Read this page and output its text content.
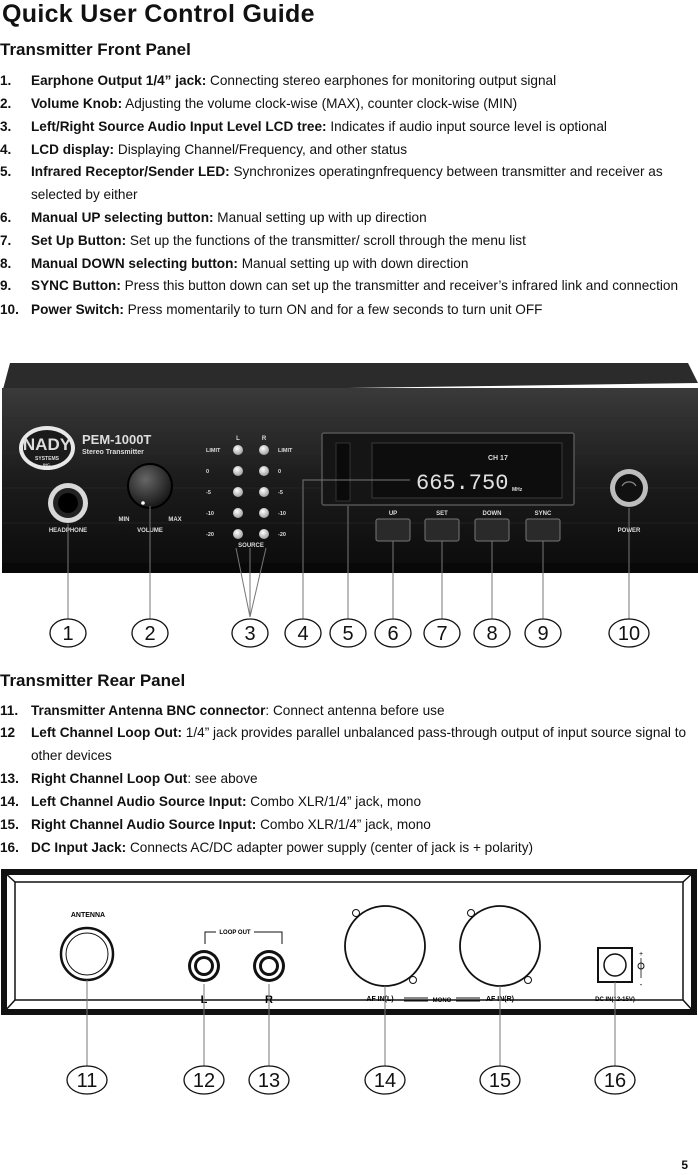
Quick User Control Guide
Transmitter Front Panel
1. Earphone Output 1/4” jack: Connecting stereo earphones for monitoring output signal
2. Volume Knob: Adjusting the volume clock-wise (MAX), counter clock-wise (MIN)
3. Left/Right Source Audio Input Level LCD tree: Indicates if audio input source level is optional
4. LCD display: Displaying Channel/Frequency, and other status
5. Infrared Receptor/Sender LED: Synchronizes operatingnfrequency between transmitter and receiver as selected by either
6. Manual UP selecting button: Manual setting up with up direction
7. Set Up Button: Set up the functions of the transmitter/ scroll through the menu list
8. Manual DOWN selecting button: Manual setting up with down direction
9. SYNC Button: Press this button down can set up the transmitter and receiver’s infrared link and connection
10. Power Switch: Press momentarily to turn ON and for a few seconds to turn unit OFF
NADY
SYSTEMS
INC.
PEM-1000T
Stereo Transmitter
HEADPHONE
MIN	MAX
VOLUME
L	R
LIMIT	LIMIT
0	0
-5	-5
-10	-10
-20	-20
SOURCE
CH 17
665.750 MHz
UP	SET	DOWN	SYNC
POWER
1	2	3 4 5 6 7 8 9	10
Transmitter Rear Panel
11. Transmitter Antenna BNC connector: Connect antenna before use
12 Left Channel Loop Out: 1/4” jack provides parallel unbalanced pass-through output of input source signal to other devices
13. Right Channel Loop Out: see above
14. Left Channel Audio Source Input: Combo XLR/1/4” jack, mono
15. Right Channel Audio Source Input: Combo XLR/1/4” jack, mono
16. DC Input Jack: Connects AC/DC adapter power supply (center of jack is + polarity)
ANTENNA
LOOP OUT
L	R	AF IN(L)	MONO	AF IN(R)
+
-
DC IN(12-15V)
11	12 13	14	15	16
5
